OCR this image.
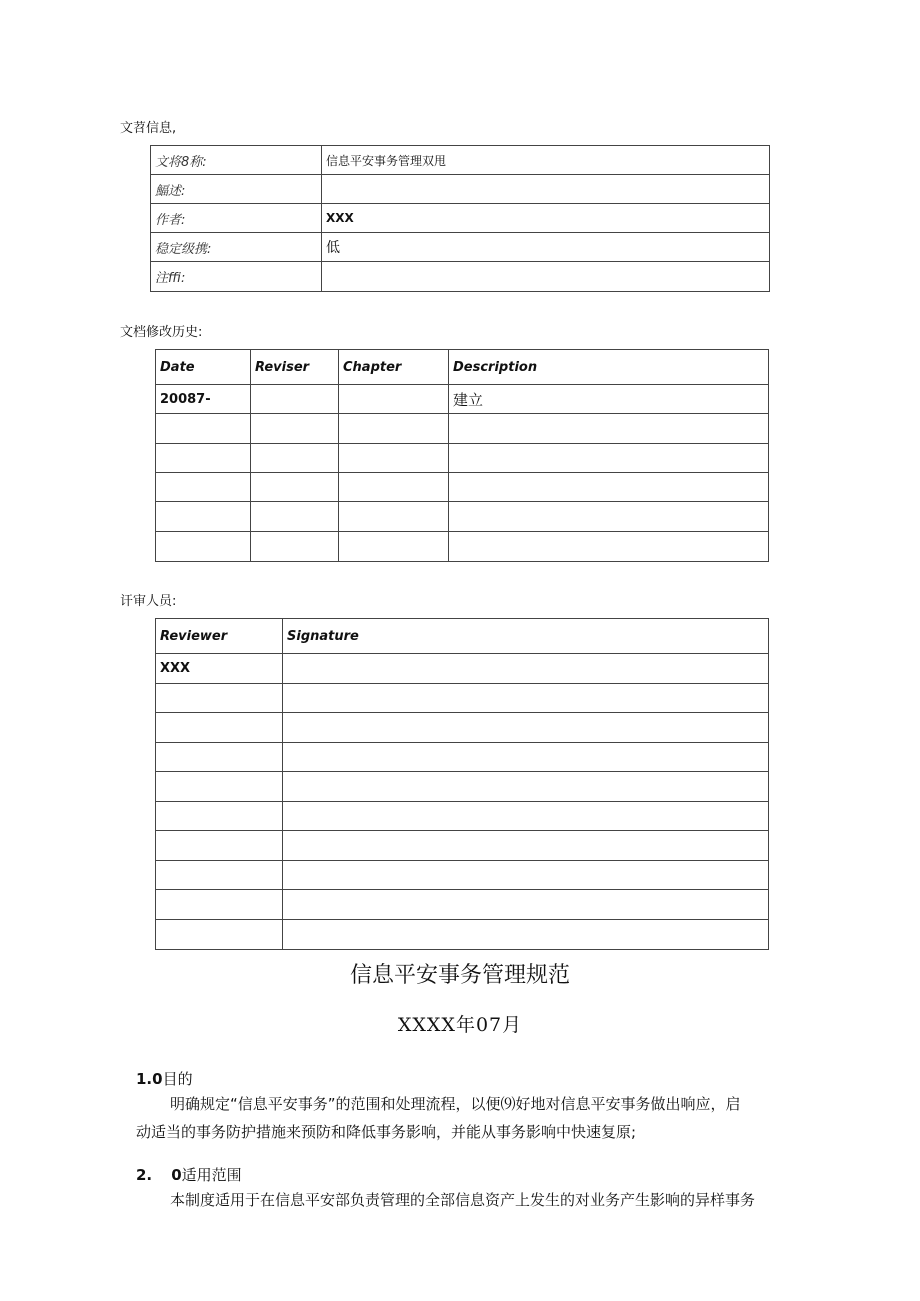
文苕信息,
文将8称:	信息平安事务管理双甩
鰏述:	
作者:	XXX
稳定级携:	低
注ffi:	
文档修改历史:
Date	Reviser	Chapter	Description
20087-			建立

讦审人员:
Reviewer	Signature
XXX	

信息平安事务管理规范
XXXX年07月
1.0目的
明确规定“信息平安事务”的范围和处理流程，以便⑼好地对信息平安事务做出响应，启
动适当的事务防护措施来预防和降低事务影响，并能从事务影响中快速复原;
2. 0适用范围
本制度适用于在信息平安部负责管理的全部信息资产上发生的对业务产生影响的异样事务
